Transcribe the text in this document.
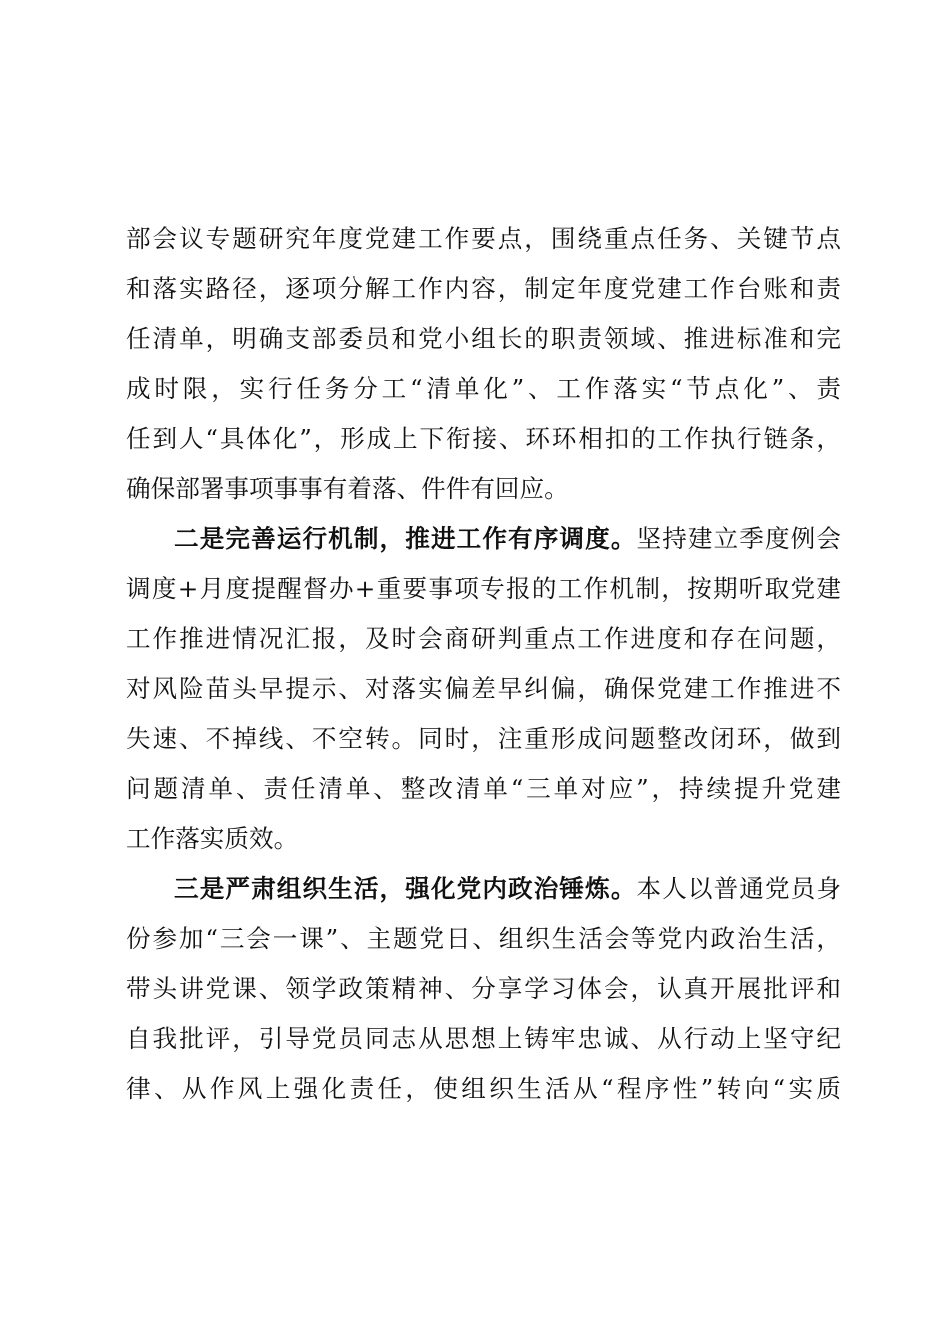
部会议专题研究年度党建工作要点，围绕重点任务、关键节点
和落实路径，逐项分解工作内容，制定年度党建工作台账和责
任清单，明确支部委员和党小组长的职责领域、推进标准和完
成时限，实行任务分工“清单化”、工作落实“节点化”、责
任到人“具体化”，形成上下衔接、环环相扣的工作执行链条，
确保部署事项事事有着落、件件有回应。
二是完善运行机制，推进工作有序调度。坚持建立季度例会
调度+月度提醒督办+重要事项专报的工作机制，按期听取党建
工作推进情况汇报，及时会商研判重点工作进度和存在问题，
对风险苗头早提示、对落实偏差早纠偏，确保党建工作推进不
失速、不掉线、不空转。同时，注重形成问题整改闭环，做到
问题清单、责任清单、整改清单“三单对应”，持续提升党建
工作落实质效。
三是严肃组织生活，强化党内政治锤炼。本人以普通党员身
份参加“三会一课”、主题党日、组织生活会等党内政治生活，
带头讲党课、领学政策精神、分享学习体会，认真开展批评和
自我批评，引导党员同志从思想上铸牢忠诚、从行动上坚守纪
律、从作风上强化责任，使组织生活从“程序性”转向“实质
